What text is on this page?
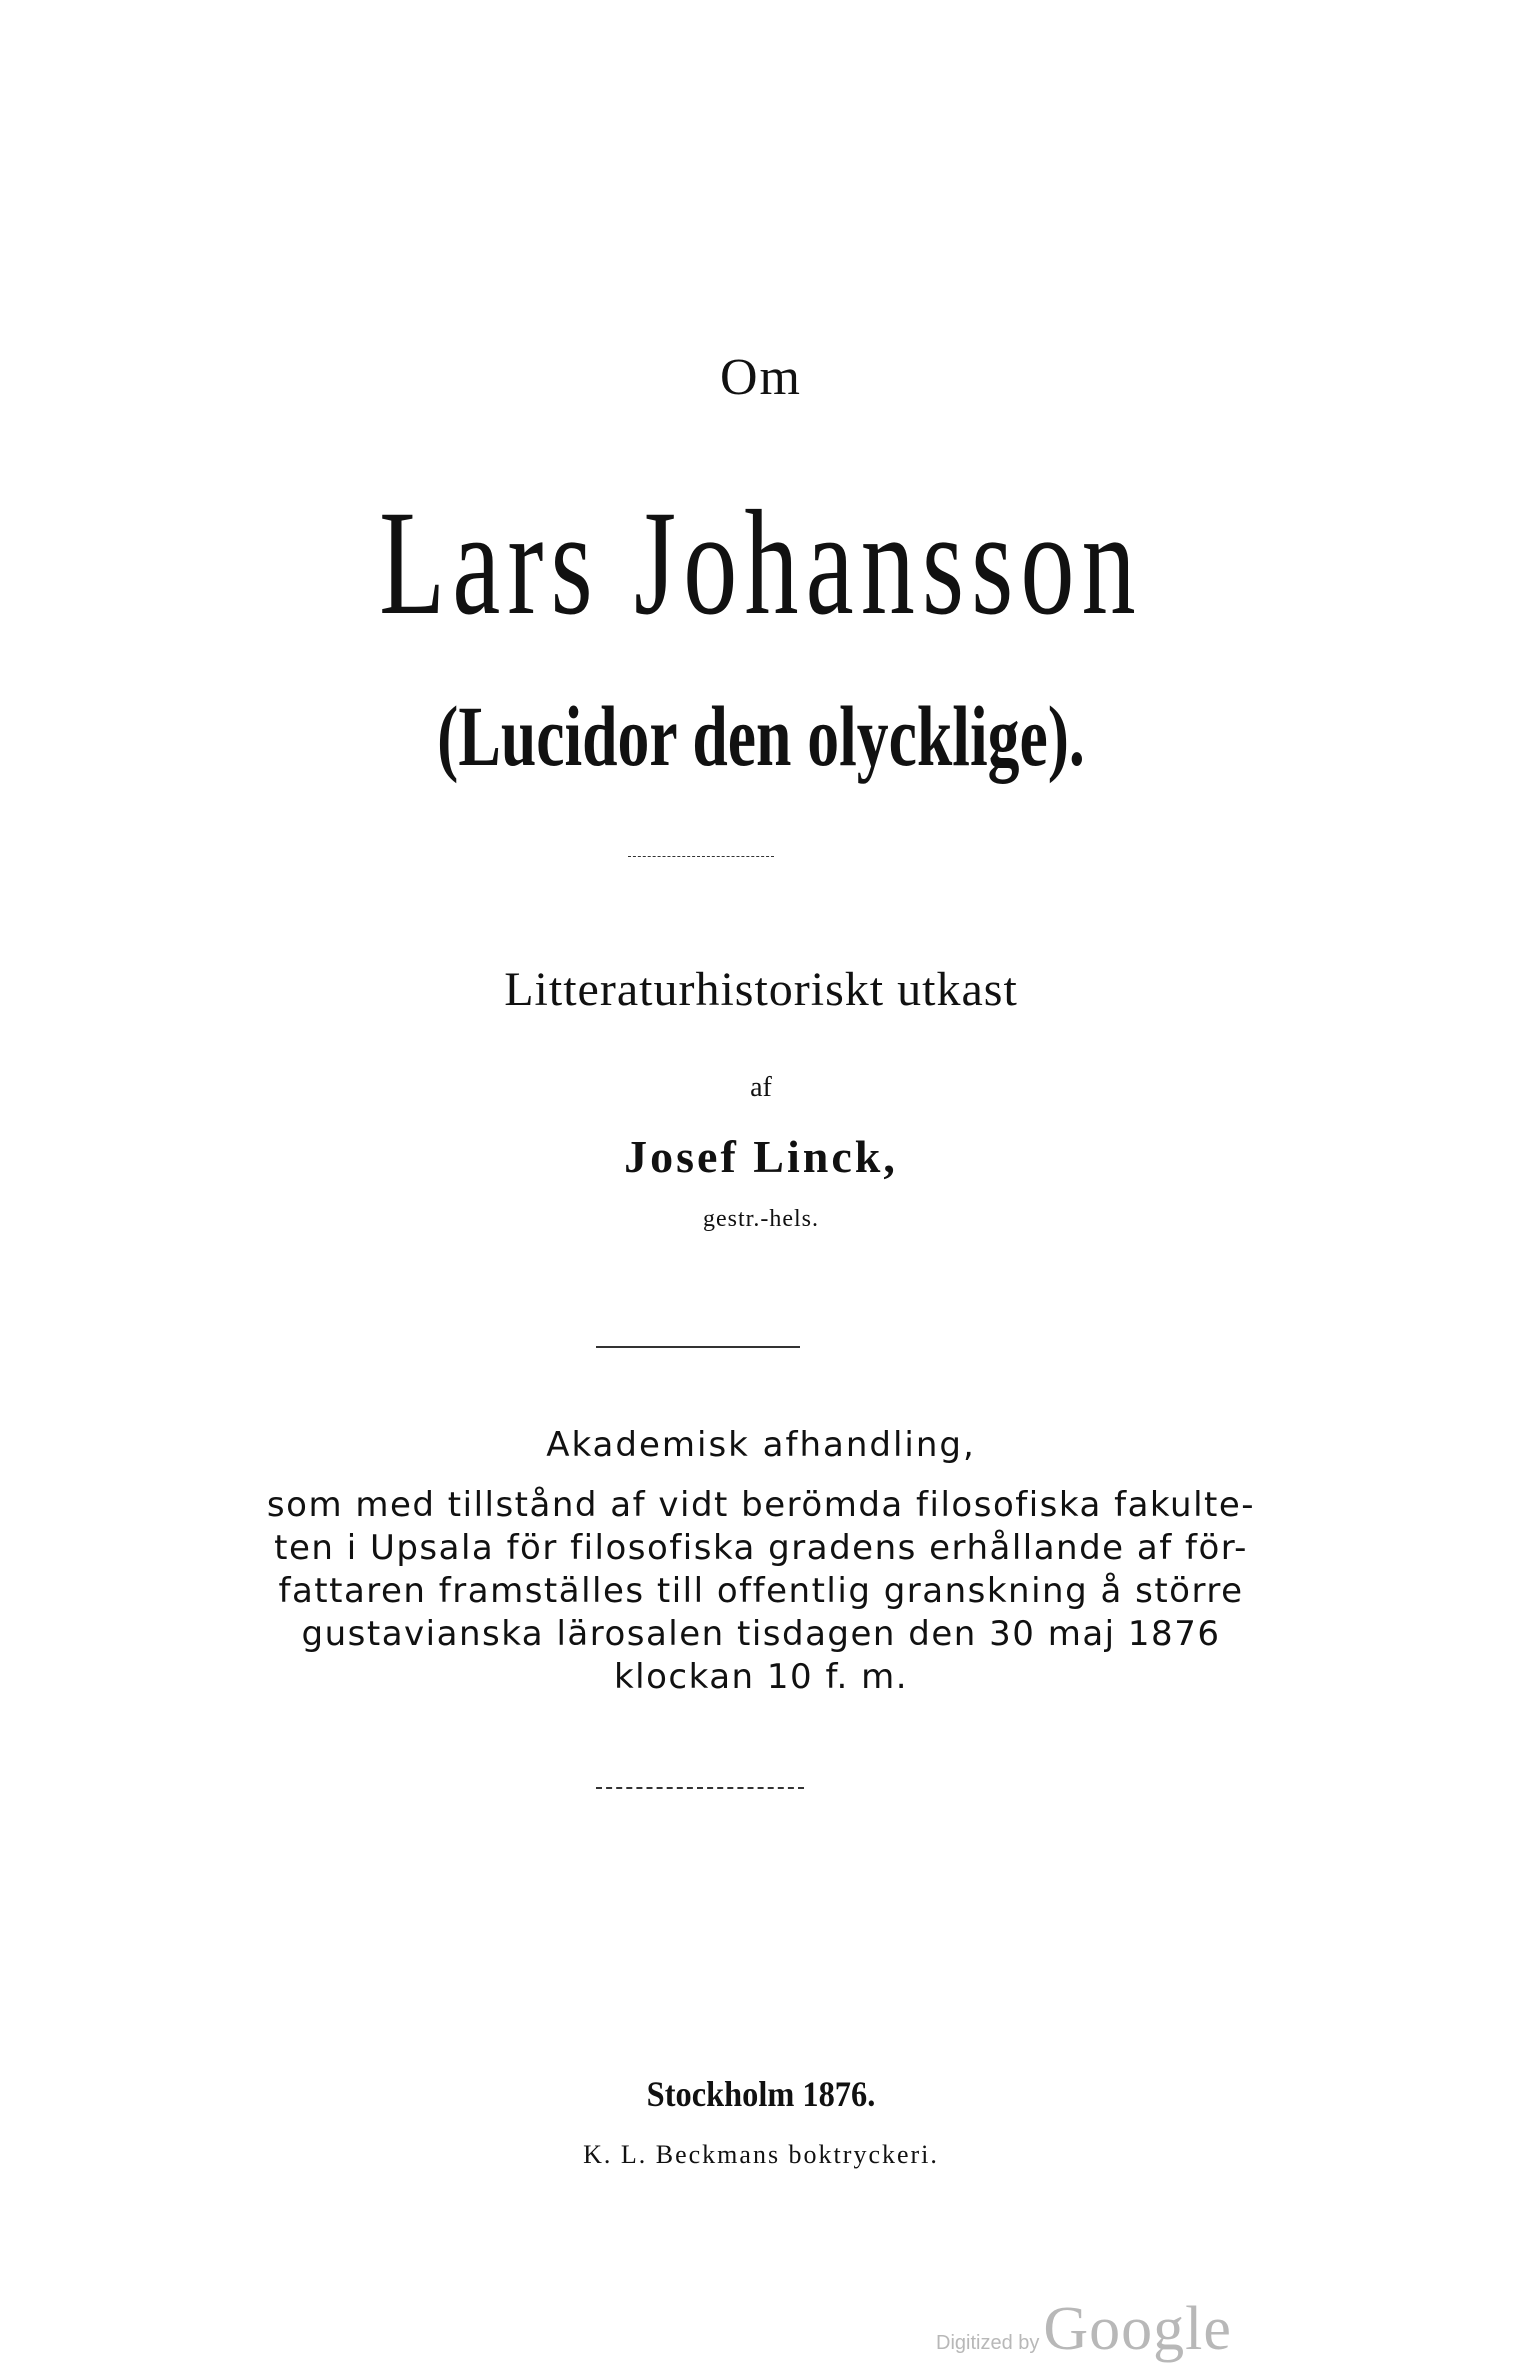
Om

Lars Johansson

(Lucidor den olycklige).

Litteraturhistoriskt utkast

af

Josef Linck,

gestr.-hels.

Akademisk afhandling,

som med tillstånd af vidt berömda filosofiska fakulte-

ten i Upsala för filosofiska gradens erhållande af för-

fattaren framställes till offentlig granskning å större

gustavianska lärosalen tisdagen den 30 maj 1876

klockan 10 f. m.

Stockholm 1876.

K. L. Beckmans boktryckeri.

Digitized by Google
